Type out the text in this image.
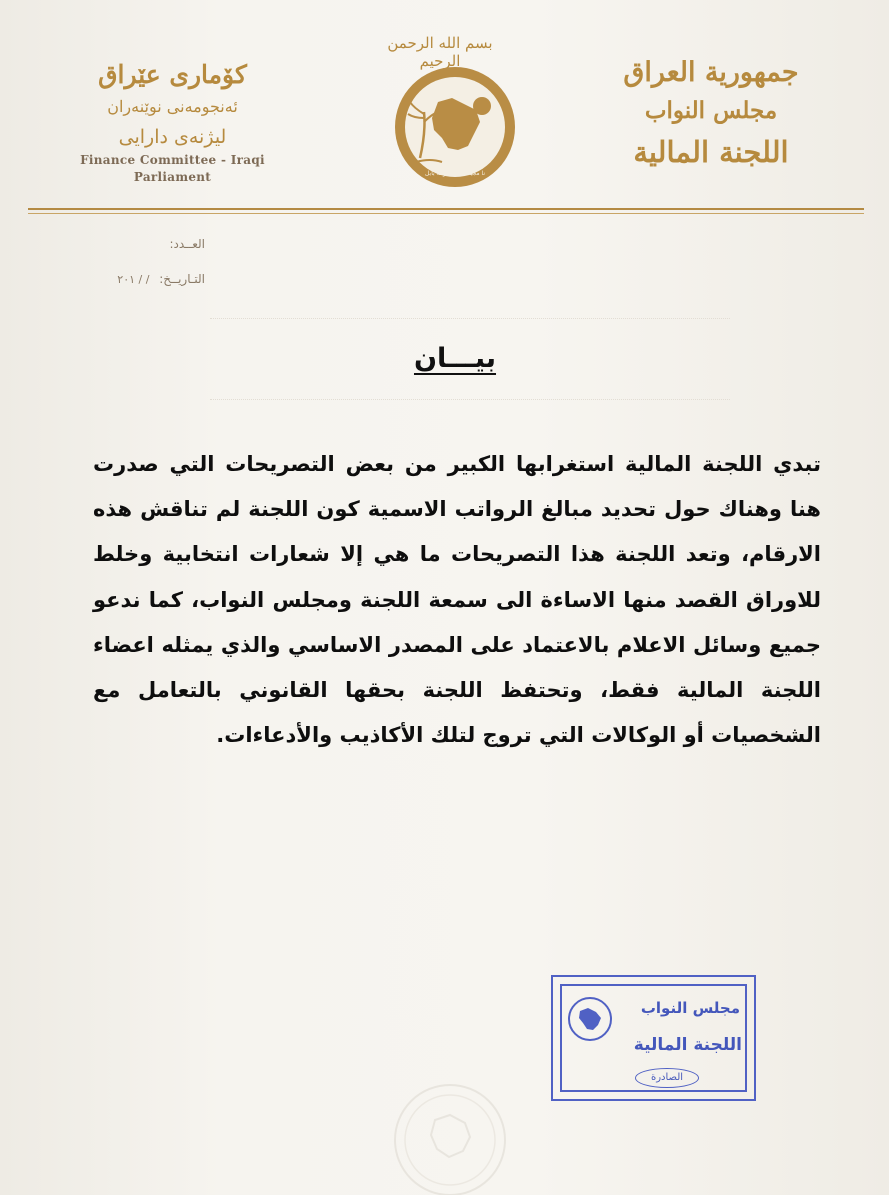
جمهورية العراق
مجلس النواب
اللجنة المالية
كۆماری عێراق
ئەنجومەنی نوێنەران
لیژنەی دارایی
Finance Committee - Iraqi Parliament
بسم الله الرحمن الرحيم
مجلس النواب
نا مجيد على حكومة بابل
العــدد:
التـاريــخ: / / ٢٠١
بيـــان
تبدي اللجنة المالية استغرابها الكبير من بعض التصريحات التي صدرت هنا وهناك حول تحديد مبالغ الرواتب الاسمية كون اللجنة لم تناقش هذه الارقام، وتعد اللجنة هذا التصريحات ما هي إلا شعارات انتخابية وخلط للاوراق القصد منها الاساءة الى سمعة اللجنة ومجلس النواب، كما ندعو جميع وسائل الاعلام بالاعتماد على المصدر الاساسي والذي يمثله اعضاء اللجنة المالية فقط، وتحتفظ اللجنة بحقها القانوني بالتعامل مع الشخصيات أو الوكالات التي تروج لتلك الأكاذيب والأدعاءات.
مجلس النواب
اللجنة المالية
الصادرة
